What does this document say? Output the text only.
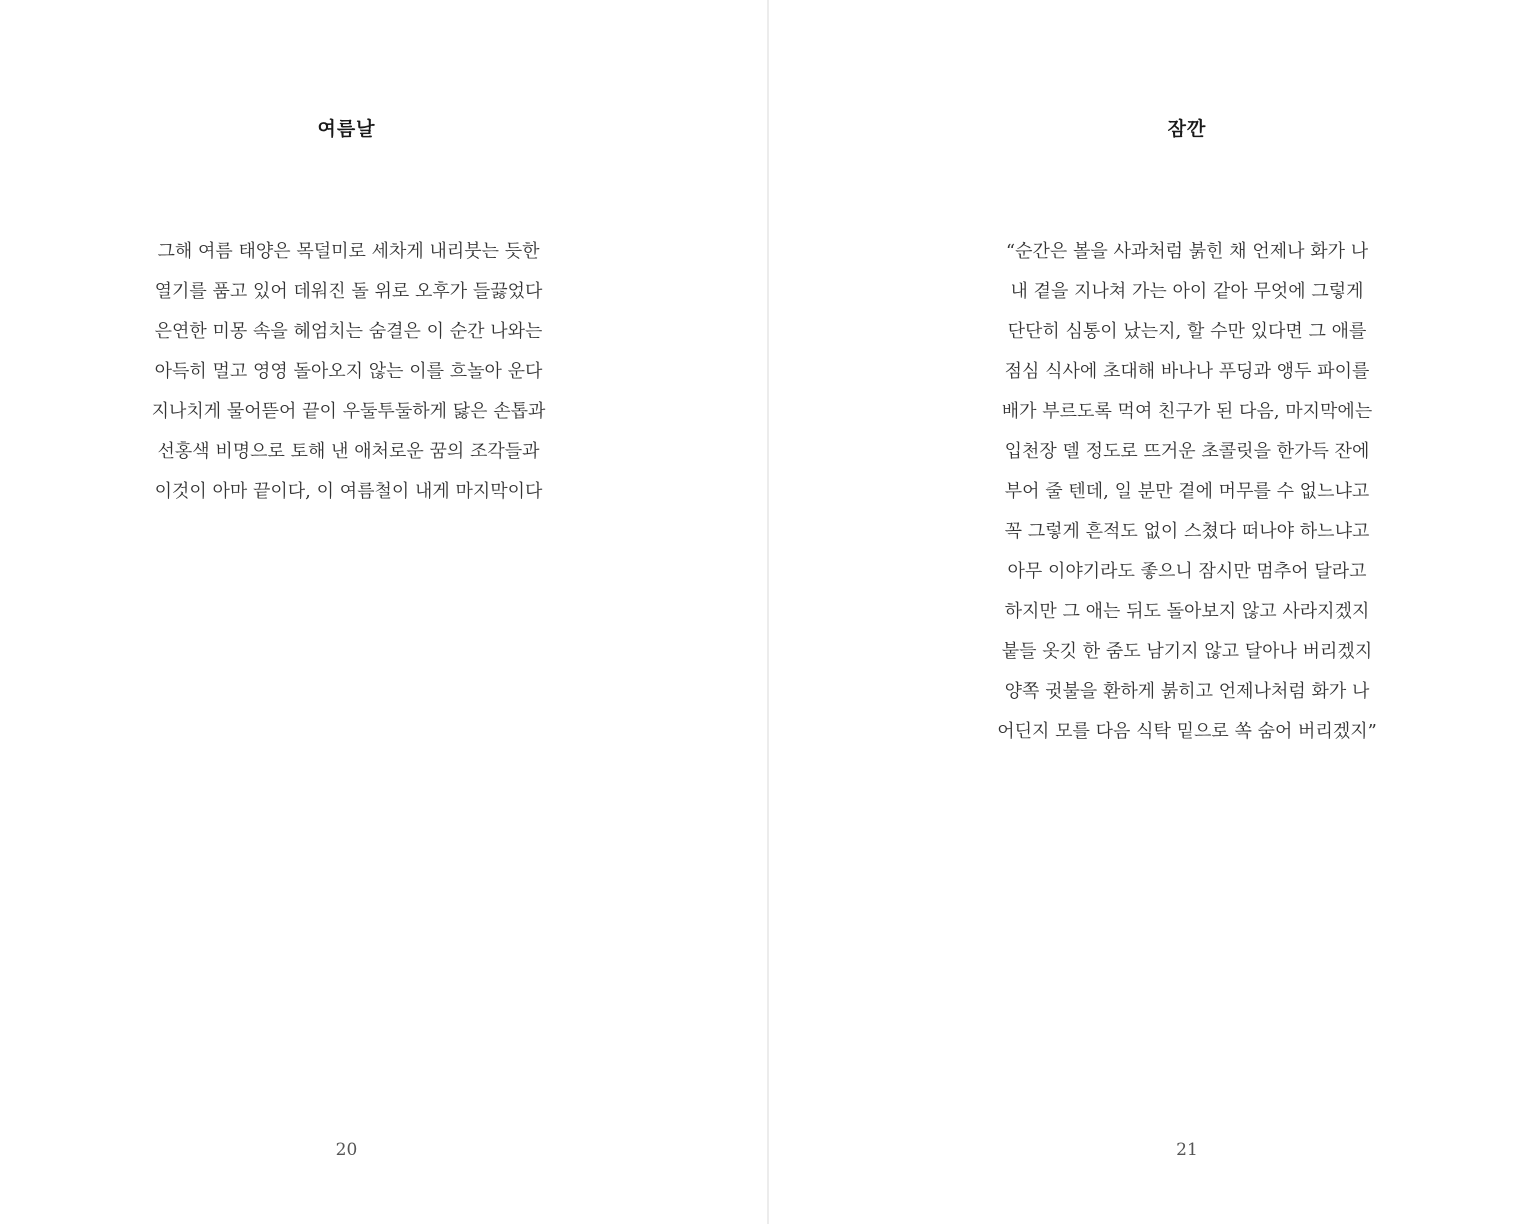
여름날
그해 여름 태양은 목덜미로 세차게 내리붓는 듯한
열기를 품고 있어 데워진 돌 위로 오후가 들끓었다
은연한 미몽 속을 헤엄치는 숨결은 이 순간 나와는
아득히 멀고 영영 돌아오지 않는 이를 흐놀아 운다
지나치게 물어뜯어 끝이 우둘투둘하게 닳은 손톱과
선홍색 비명으로 토해 낸 애처로운 꿈의 조각들과
이것이 아마 끝이다, 이 여름철이 내게 마지막이다
20
잠깐
“순간은 볼을 사과처럼 붉힌 채 언제나 화가 나
내 곁을 지나쳐 가는 아이 같아 무엇에 그렇게
단단히 심통이 났는지, 할 수만 있다면 그 애를
점심 식사에 초대해 바나나 푸딩과 앵두 파이를
배가 부르도록 먹여 친구가 된 다음, 마지막에는
입천장 델 정도로 뜨거운 초콜릿을 한가득 잔에
부어 줄 텐데, 일 분만 곁에 머무를 수 없느냐고
꼭 그렇게 흔적도 없이 스쳤다 떠나야 하느냐고
아무 이야기라도 좋으니 잠시만 멈추어 달라고
하지만 그 애는 뒤도 돌아보지 않고 사라지겠지
붙들 옷깃 한 줌도 남기지 않고 달아나 버리겠지
양쪽 귓불을 환하게 붉히고 언제나처럼 화가 나
어딘지 모를 다음 식탁 밑으로 쏙 숨어 버리겠지”
21
